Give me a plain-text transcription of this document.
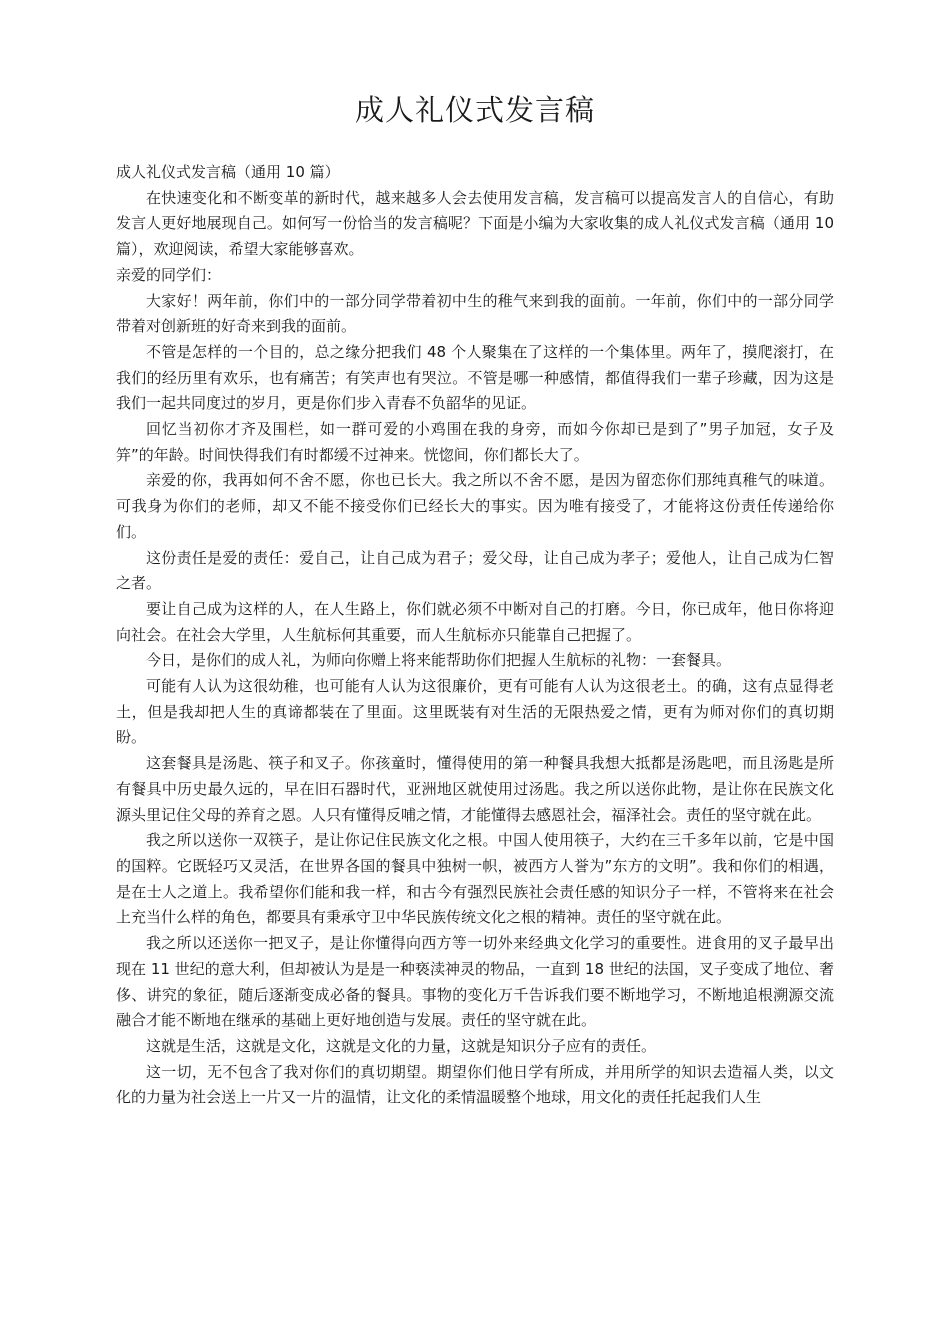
成人礼仪式发言稿

成人礼仪式发言稿（通用 10 篇）

在快速变化和不断变革的新时代，越来越多人会去使用发言稿，发言稿可以提高发言人的自信心，有助发言人更好地展现自己。如何写一份恰当的发言稿呢？下面是小编为大家收集的成人礼仪式发言稿（通用 10 篇），欢迎阅读，希望大家能够喜欢。

亲爱的同学们：

大家好！两年前，你们中的一部分同学带着初中生的稚气来到我的面前。一年前，你们中的一部分同学带着对创新班的好奇来到我的面前。

不管是怎样的一个目的，总之缘分把我们 48 个人聚集在了这样的一个集体里。两年了，摸爬滚打，在我们的经历里有欢乐，也有痛苦；有笑声也有哭泣。不管是哪一种感情，都值得我们一辈子珍藏，因为这是我们一起共同度过的岁月，更是你们步入青春不负韶华的见证。

回忆当初你才齐及围栏，如一群可爱的小鸡围在我的身旁，而如今你却已是到了”男子加冠，女子及笄”的年龄。时间快得我们有时都缓不过神来。恍惚间，你们都长大了。

亲爱的你，我再如何不舍不愿，你也已长大。我之所以不舍不愿，是因为留恋你们那纯真稚气的味道。可我身为你们的老师，却又不能不接受你们已经长大的事实。因为唯有接受了，才能将这份责任传递给你们。

这份责任是爱的责任：爱自己，让自己成为君子；爱父母，让自己成为孝子；爱他人，让自己成为仁智之者。

要让自己成为这样的人，在人生路上，你们就必须不中断对自己的打磨。今日，你已成年，他日你将迎向社会。在社会大学里，人生航标何其重要，而人生航标亦只能靠自己把握了。

今日，是你们的成人礼，为师向你赠上将来能帮助你们把握人生航标的礼物：一套餐具。

可能有人认为这很幼稚，也可能有人认为这很廉价，更有可能有人认为这很老土。的确，这有点显得老土，但是我却把人生的真谛都装在了里面。这里既装有对生活的无限热爱之情，更有为师对你们的真切期盼。

这套餐具是汤匙、筷子和叉子。你孩童时，懂得使用的第一种餐具我想大抵都是汤匙吧，而且汤匙是所有餐具中历史最久远的，早在旧石器时代，亚洲地区就使用过汤匙。我之所以送你此物，是让你在民族文化源头里记住父母的养育之恩。人只有懂得反哺之情，才能懂得去感恩社会，福泽社会。责任的坚守就在此。

我之所以送你一双筷子，是让你记住民族文化之根。中国人使用筷子，大约在三千多年以前，它是中国的国粹。它既轻巧又灵活，在世界各国的餐具中独树一帜，被西方人誉为”东方的文明”。我和你们的相遇，是在士人之道上。我希望你们能和我一样，和古今有强烈民族社会责任感的知识分子一样，不管将来在社会上充当什么样的角色，都要具有秉承守卫中华民族传统文化之根的精神。责任的坚守就在此。

我之所以还送你一把叉子，是让你懂得向西方等一切外来经典文化学习的重要性。进食用的叉子最早出现在 11 世纪的意大利，但却被认为是是一种亵渎神灵的物品，一直到 18 世纪的法国，叉子变成了地位、奢侈、讲究的象征，随后逐渐变成必备的餐具。事物的变化万千告诉我们要不断地学习，不断地追根溯源交流融合才能不断地在继承的基础上更好地创造与发展。责任的坚守就在此。

这就是生活，这就是文化，这就是文化的力量，这就是知识分子应有的责任。

这一切，无不包含了我对你们的真切期望。期望你们他日学有所成，并用所学的知识去造福人类，以文化的力量为社会送上一片又一片的温情，让文化的柔情温暖整个地球，用文化的责任托起我们人生
